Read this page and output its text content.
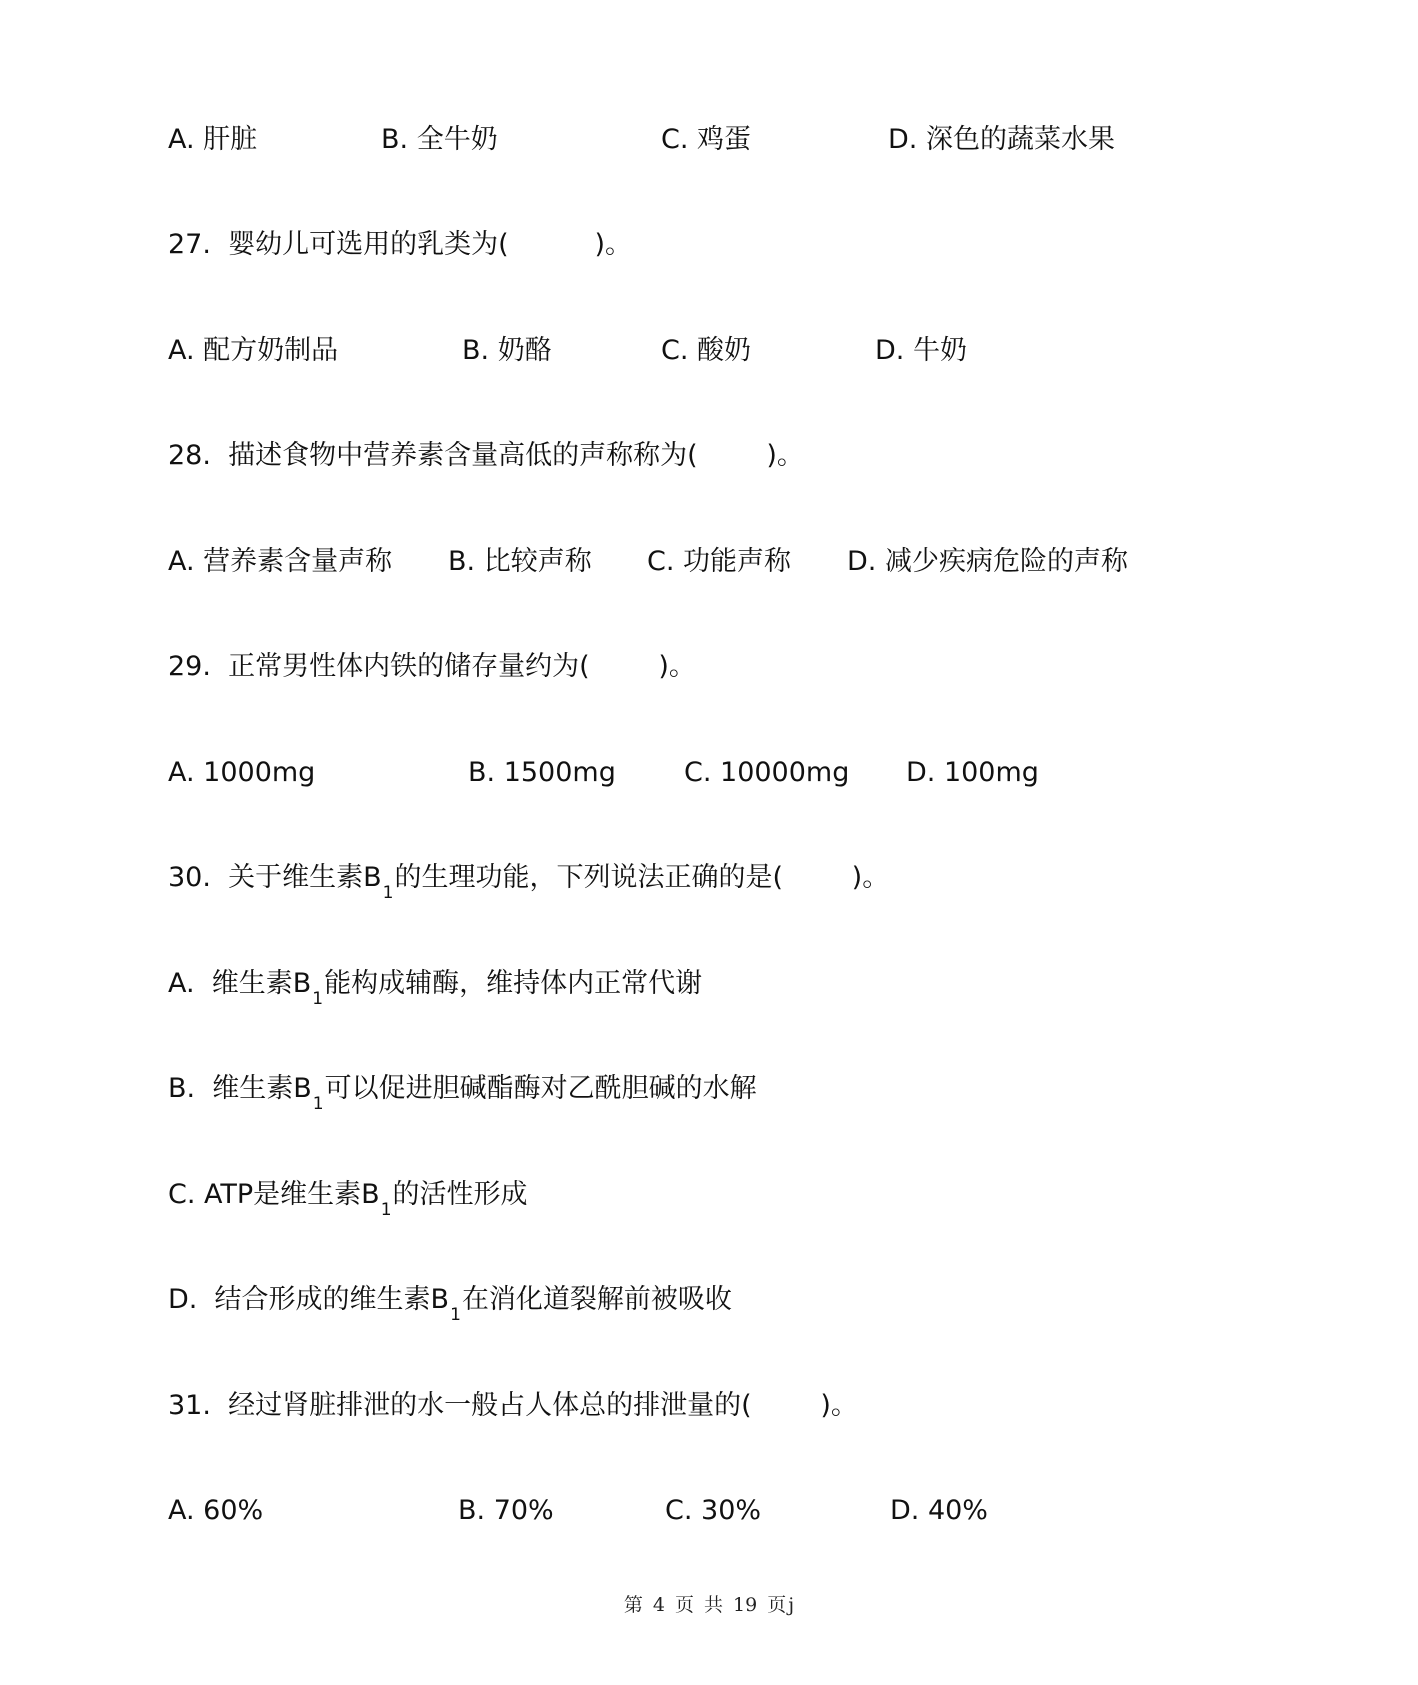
A. 肝脏	B. 全牛奶	C. 鸡蛋	D. 深色的蔬菜水果
27. 婴幼儿可选用的乳类为(          )。
A. 配方奶制品	B. 奶酪	C. 酸奶	D. 牛奶
28. 描述食物中营养素含量高低的声称称为(        )。
A. 营养素含量声称 B. 比较声称 C. 功能声称 D. 减少疾病危险的声称
29. 正常男性体内铁的储存量约为(        )。
A. 1000mg	B. 1500mg	C. 10000mg D. 100mg
30. 关于维生素$B_1$的生理功能，下列说法正确的是(        )。
A.  维生素$B_1$能构成辅酶，维持体内正常代谢
B.  维生素$B_1$可以促进胆碱酯酶对乙酰胆碱的水解
C. ATP是维生素$B_1$的活性形成
D.  结合形成的维生素$B_1$在消化道裂解前被吸收
31. 经过肾脏排泄的水一般占人体总的排泄量的(        )。
A. 60%	B. 70%	C. 30%	D. 40%
第 4 页 共 19 页 j
